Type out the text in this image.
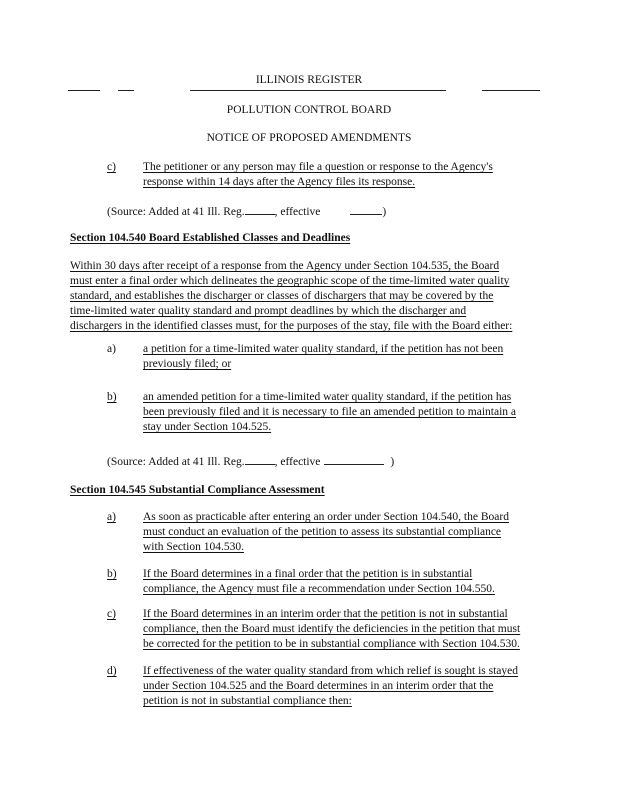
ILLINOIS REGISTER
POLLUTION CONTROL BOARD
NOTICE OF PROPOSED AMENDMENTS
c) The petitioner or any person may file a question or response to the Agency's
response within 14 days after the Agency files its response.
(Source: Added at 41 Ill. Reg.	, effective	)
Section 104.540 Board Established Classes and Deadlines
Within 30 days after receipt of a response from the Agency under Section 104.535, the Board
must enter a final order which delineates the geographic scope of the time-limited water quality
standard, and establishes the discharger or classes of dischargers that may be covered by the
time-limited water quality standard and prompt deadlines by which the discharger and
dischargers in the identified classes must, for the purposes of the stay, file with the Board either:
a) a petition for a time-limited water quality standard, if the petition has not been
previously filed; or
b) an amended petition for a time-limited water quality standard, if the petition has
been previously filed and it is necessary to file an amended petition to maintain a
stay under Section 104.525.
(Source: Added at 41 Ill. Reg.	, effective	)
Section 104.545 Substantial Compliance Assessment
a) As soon as practicable after entering an order under Section 104.540, the Board
must conduct an evaluation of the petition to assess its substantial compliance
with Section 104.530.
b) If the Board determines in a final order that the petition is in substantial
compliance, the Agency must file a recommendation under Section 104.550.
c) If the Board determines in an interim order that the petition is not in substantial
compliance, then the Board must identify the deficiencies in the petition that must
be corrected for the petition to be in substantial compliance with Section 104.530.
d) If effectiveness of the water quality standard from which relief is sought is stayed
under Section 104.525 and the Board determines in an interim order that the
petition is not in substantial compliance then:
